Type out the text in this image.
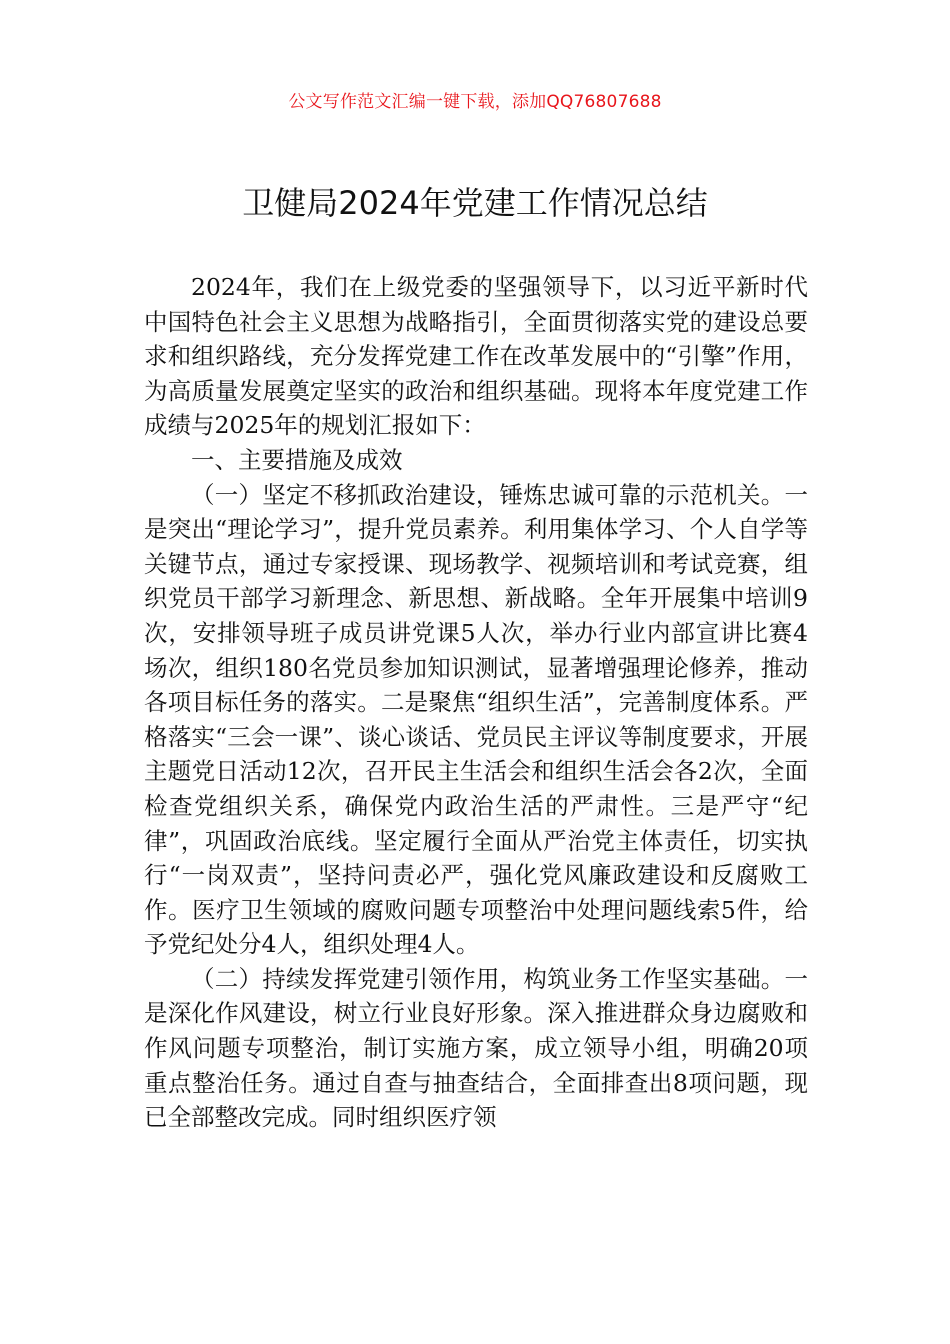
公文写作范文汇编一键下载，添加QQ76807688
卫健局2024年党建工作情况总结

2024年，我们在上级党委的坚强领导下，以习近平新时代中国特色社会主义思想为战略指引，全面贯彻落实党的建设总要求和组织路线，充分发挥党建工作在改革发展中的“引擎”作用，为高质量发展奠定坚实的政治和组织基础。现将本年度党建工作成绩与2025年的规划汇报如下：

一、主要措施及成效

（一）坚定不移抓政治建设，锤炼忠诚可靠的示范机关。一是突出“理论学习”，提升党员素养。利用集体学习、个人自学等关键节点，通过专家授课、现场教学、视频培训和考试竞赛，组织党员干部学习新理念、新思想、新战略。全年开展集中培训9次，安排领导班子成员讲党课5人次，举办行业内部宣讲比赛4场次，组织180名党员参加知识测试，显著增强理论修养，推动各项目标任务的落实。二是聚焦“组织生活”，完善制度体系。严格落实“三会一课”、谈心谈话、党员民主评议等制度要求，开展主题党日活动12次，召开民主生活会和组织生活会各2次，全面检查党组织关系，确保党内政治生活的严肃性。三是严守“纪律”，巩固政治底线。坚定履行全面从严治党主体责任，切实执行“一岗双责”，坚持问责必严，强化党风廉政建设和反腐败工作。医疗卫生领域的腐败问题专项整治中处理问题线索5件，给予党纪处分4人，组织处理4人。

（二）持续发挥党建引领作用，构筑业务工作坚实基础。一是深化作风建设，树立行业良好形象。深入推进群众身边腐败和作风问题专项整治，制订实施方案，成立领导小组，明确20项重点整治任务。通过自查与抽查结合，全面排查出8项问题，现已全部整改完成。同时组织医疗领
